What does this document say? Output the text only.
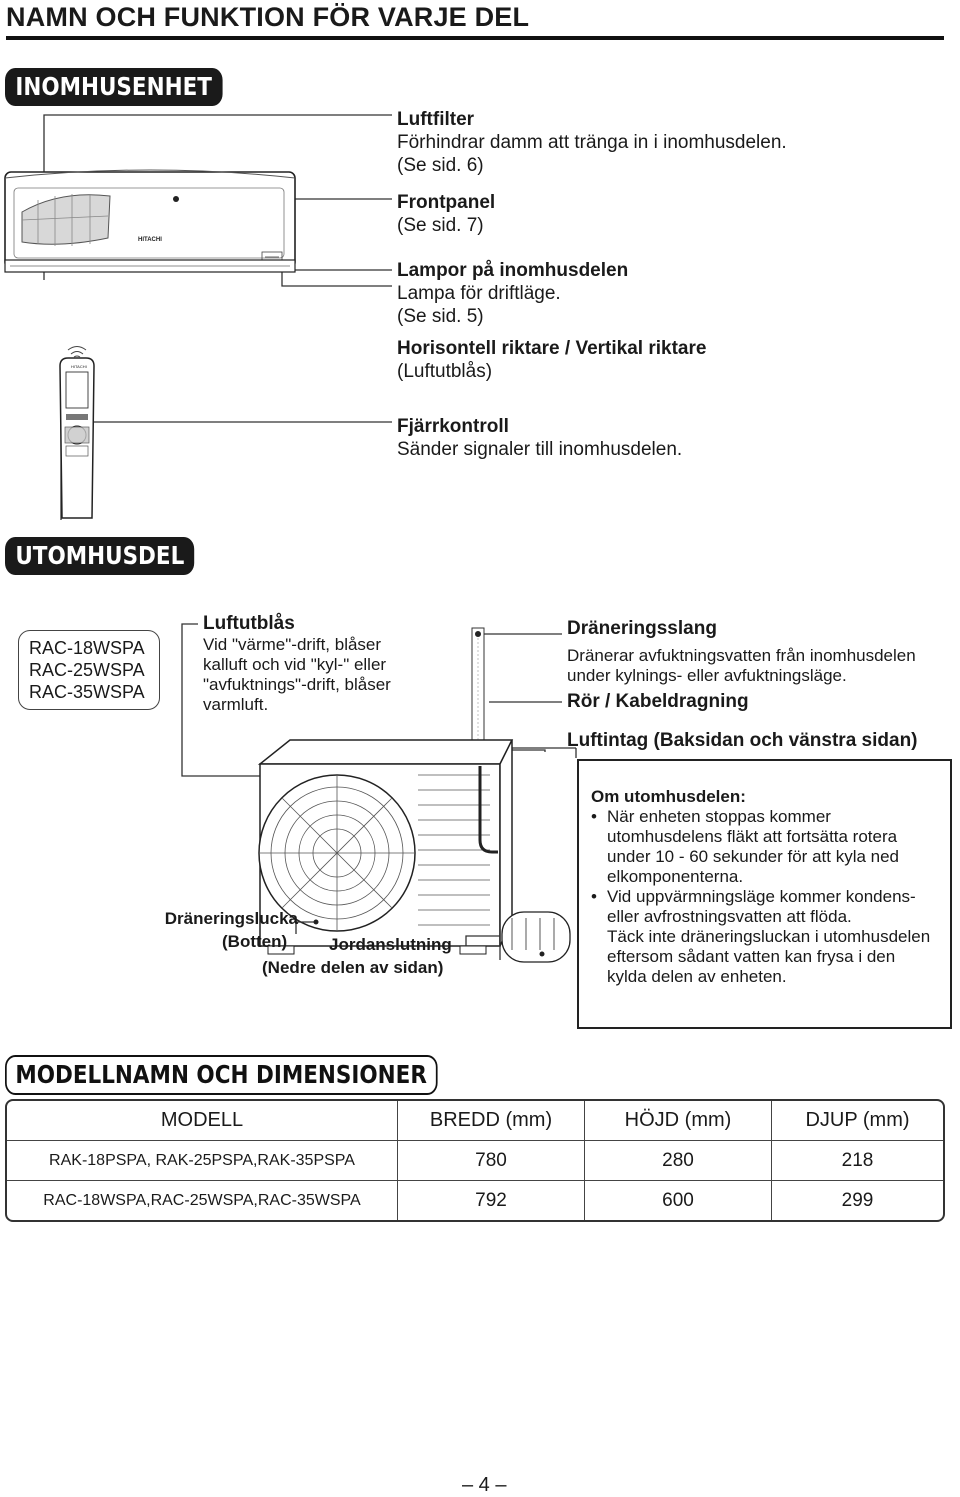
NAMN OCH FUNKTION FÖR VARJE DEL
INOMHUSENHET
HITACHI
HITACHI
Luftfilter
Förhindrar damm att tränga in i inomhusdelen.
(Se sid. 6)
Frontpanel
(Se sid. 7)
Lampor på inomhusdelen
Lampa för driftläge.
(Se sid. 5)
Horisontell riktare / Vertikal riktare
(Luftutblås)
Fjärrkontroll
Sänder signaler till inomhusdelen.
UTOMHUSDEL
RAC-18WSPA
RAC-25WSPA
RAC-35WSPA
Luftutblås
Vid "värme"-drift, blåser
kalluft och vid "kyl-" eller
"avfuktnings"-drift, blåser
varmluft.
Dräneringsslang
Dränerar avfuktningsvatten från inomhusdelen
under kylnings- eller avfuktningsläge.
Rör / Kabeldragning
Luftintag (Baksidan och vänstra sidan)
Dräneringslucka
(Botten)	Jordanslutning
(Nedre delen av sidan)
Om utomhusdelen:
• När enheten stoppas kommer utomhusdelens fläkt att fortsätta rotera under 10 - 60 sekunder för att kyla ned elkomponenterna.
• Vid uppvärmningsläge kommer kondens- eller avfrostningsvatten att flöda.
Täck inte dräneringsluckan i utomhusdelen eftersom sådant vatten kan frysa i den kylda delen av enheten.
MODELLNAMN OCH DIMENSIONER
MODELL	BREDD (mm)	HÖJD (mm)	DJUP (mm)
RAK-18PSPA, RAK-25PSPA,RAK-35PSPA	780	280	218
RAC-18WSPA,RAC-25WSPA,RAC-35WSPA	792	600	299
– 4 –
